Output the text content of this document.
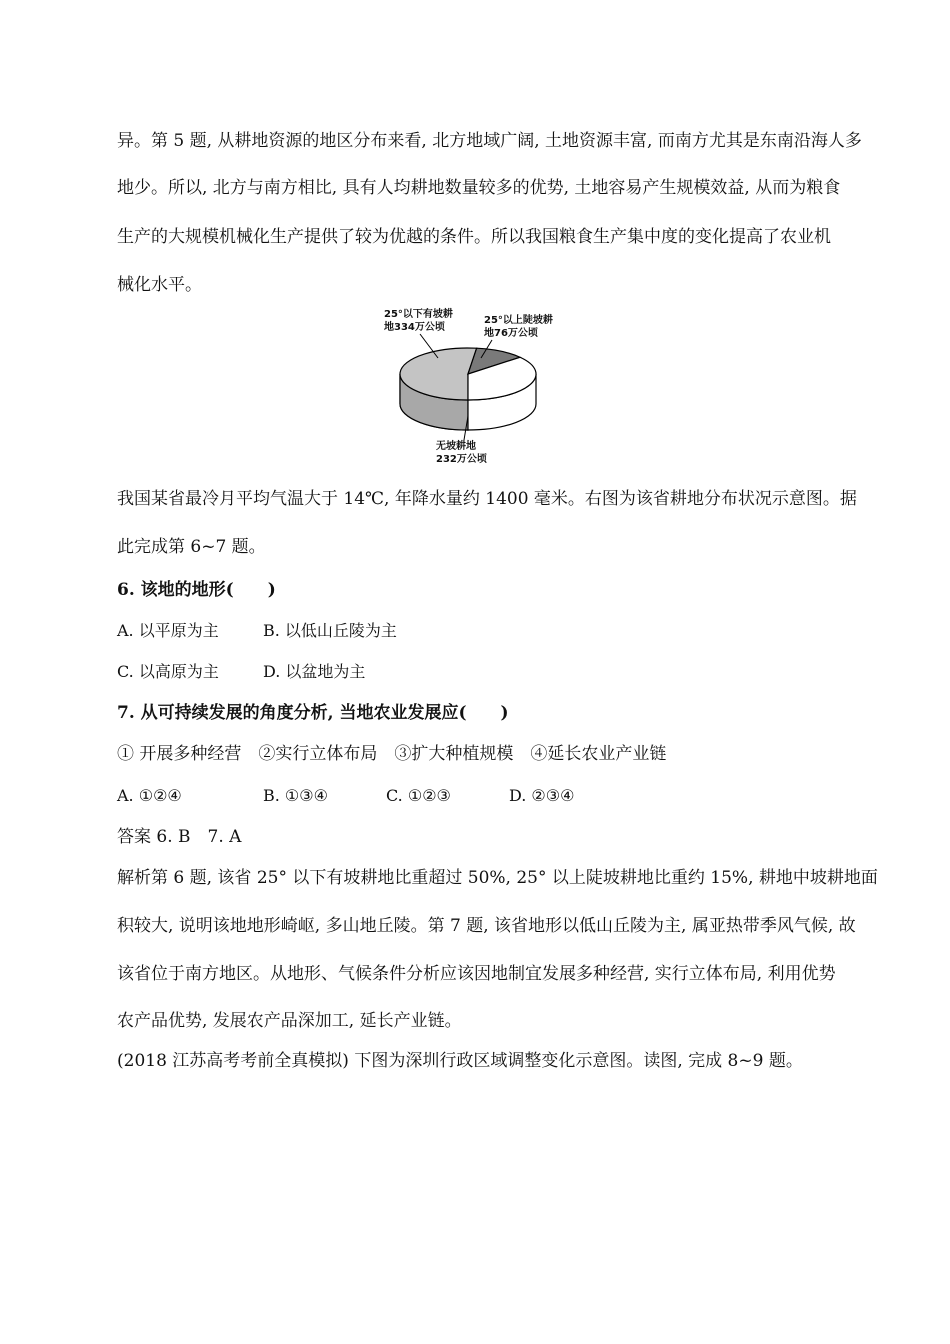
异。第 5 题, 从耕地资源的地区分布来看, 北方地域广阔, 土地资源丰富, 而南方尤其是东南沿海人多
地少。所以, 北方与南方相比, 具有人均耕地数量较多的优势, 土地容易产生规模效益, 从而为粮食
生产的大规模机械化生产提供了较为优越的条件。所以我国粮食生产集中度的变化提高了农业机
械化水平。
25°以下有坡耕
地334万公顷
25°以上陡坡耕
地76万公顷
无坡耕地
232万公顷
我国某省最冷月平均气温大于 14℃, 年降水量约 1400 毫米。右图为该省耕地分布状况示意图。据
此完成第 6~7 题。
6. 该地的地形(　　)
A. 以平原为主	B. 以低山丘陵为主
C. 以高原为主	D. 以盆地为主
7. 从可持续发展的角度分析, 当地农业发展应(　　)
① 开展多种经营　②实行立体布局　③扩大种植规模　④延长农业产业链
A. ①②④	B. ①③④	C. ①②③	D. ②③④
答案 6. B　7. A
解析第 6 题, 该省 25° 以下有坡耕地比重超过 50%, 25° 以上陡坡耕地比重约 15%, 耕地中坡耕地面
积较大, 说明该地地形崎岖, 多山地丘陵。第 7 题, 该省地形以低山丘陵为主, 属亚热带季风气候, 故
该省位于南方地区。从地形、气候条件分析应该因地制宜发展多种经营, 实行立体布局, 利用优势
农产品优势, 发展农产品深加工, 延长产业链。
(2018 江苏高考考前全真模拟) 下图为深圳行政区域调整变化示意图。读图, 完成 8~9 题。
